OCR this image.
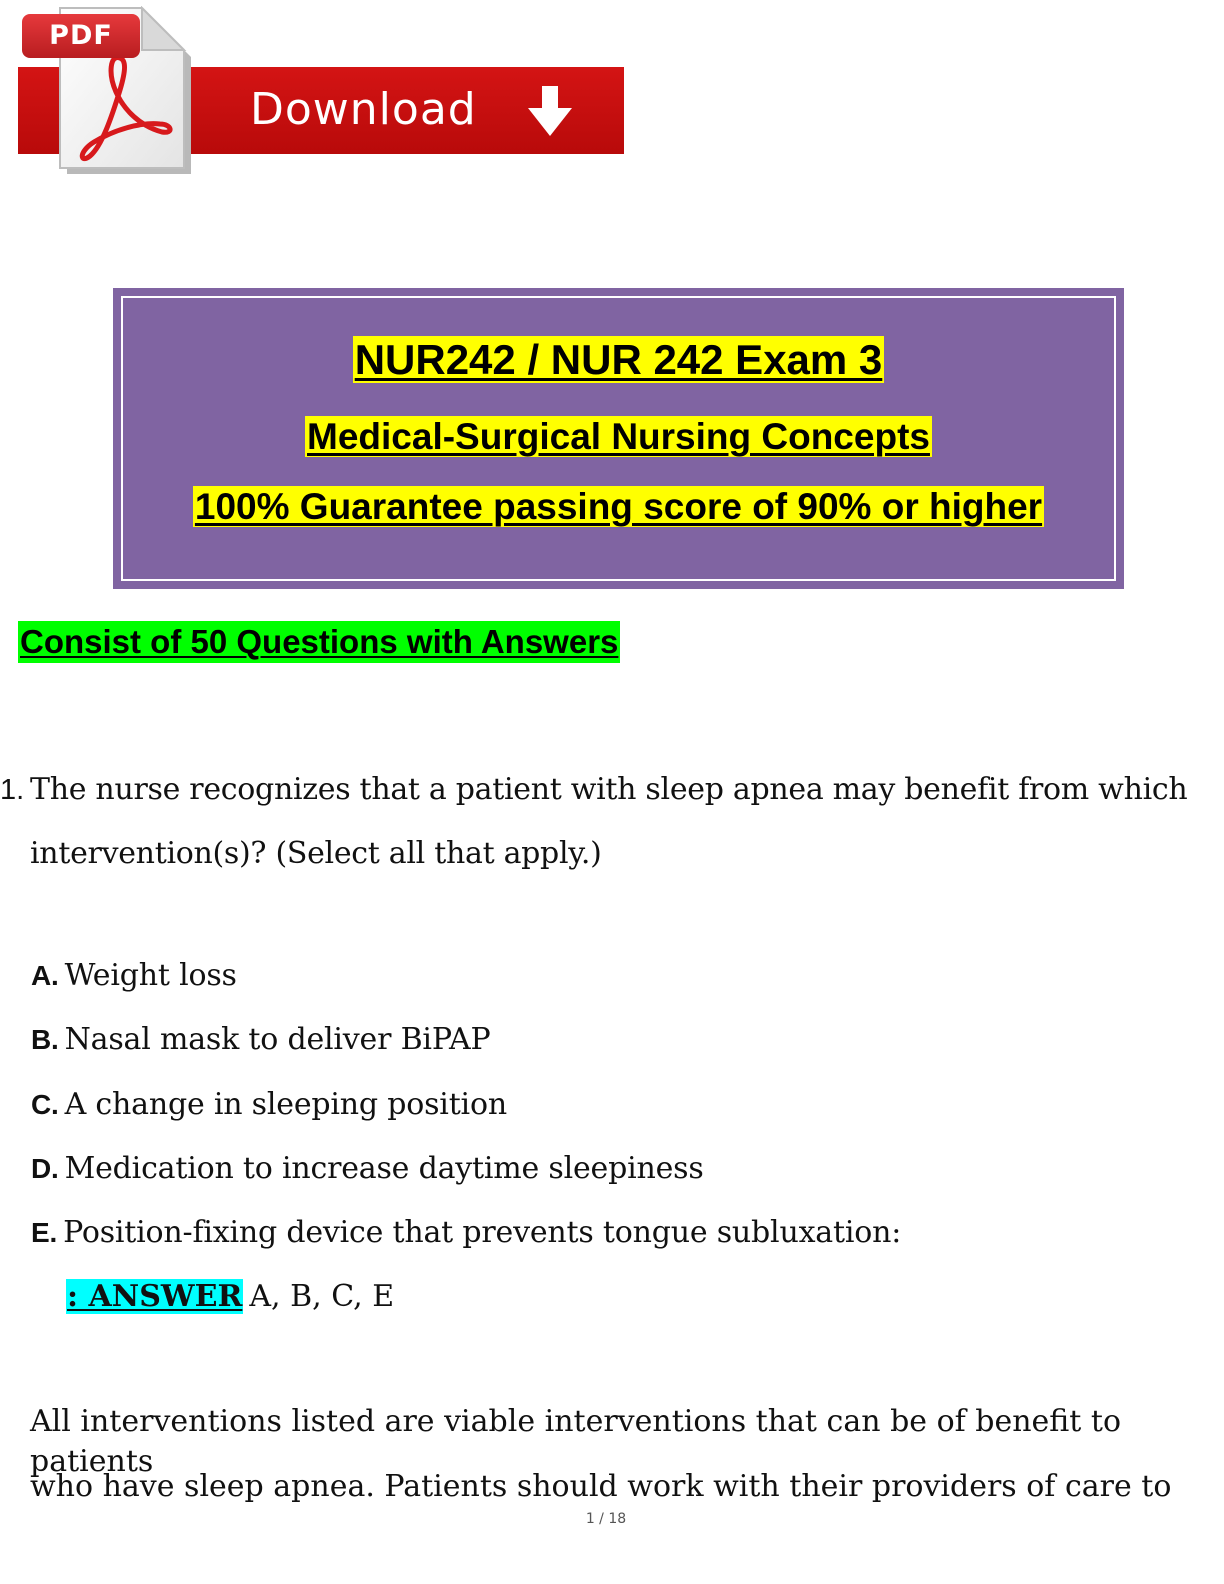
Download
PDF
NUR242 / NUR 242 Exam 3
Medical-Surgical Nursing Concepts
100% Guarantee passing score of 90% or higher
Consist of 50 Questions with Answers
1. The nurse recognizes that a patient with sleep apnea may benefit from which
intervention(s)? (Select all that apply.)
A. Weight loss
B. Nasal mask to deliver BiPAP
C. A change in sleeping position
D. Medication to increase daytime sleepiness
E. Position-fixing device that prevents tongue subluxation:
: ANSWER A, B, C, E
All interventions listed are viable interventions that can be of benefit to patients
who have sleep apnea. Patients should work with their providers of care to
1 / 18
